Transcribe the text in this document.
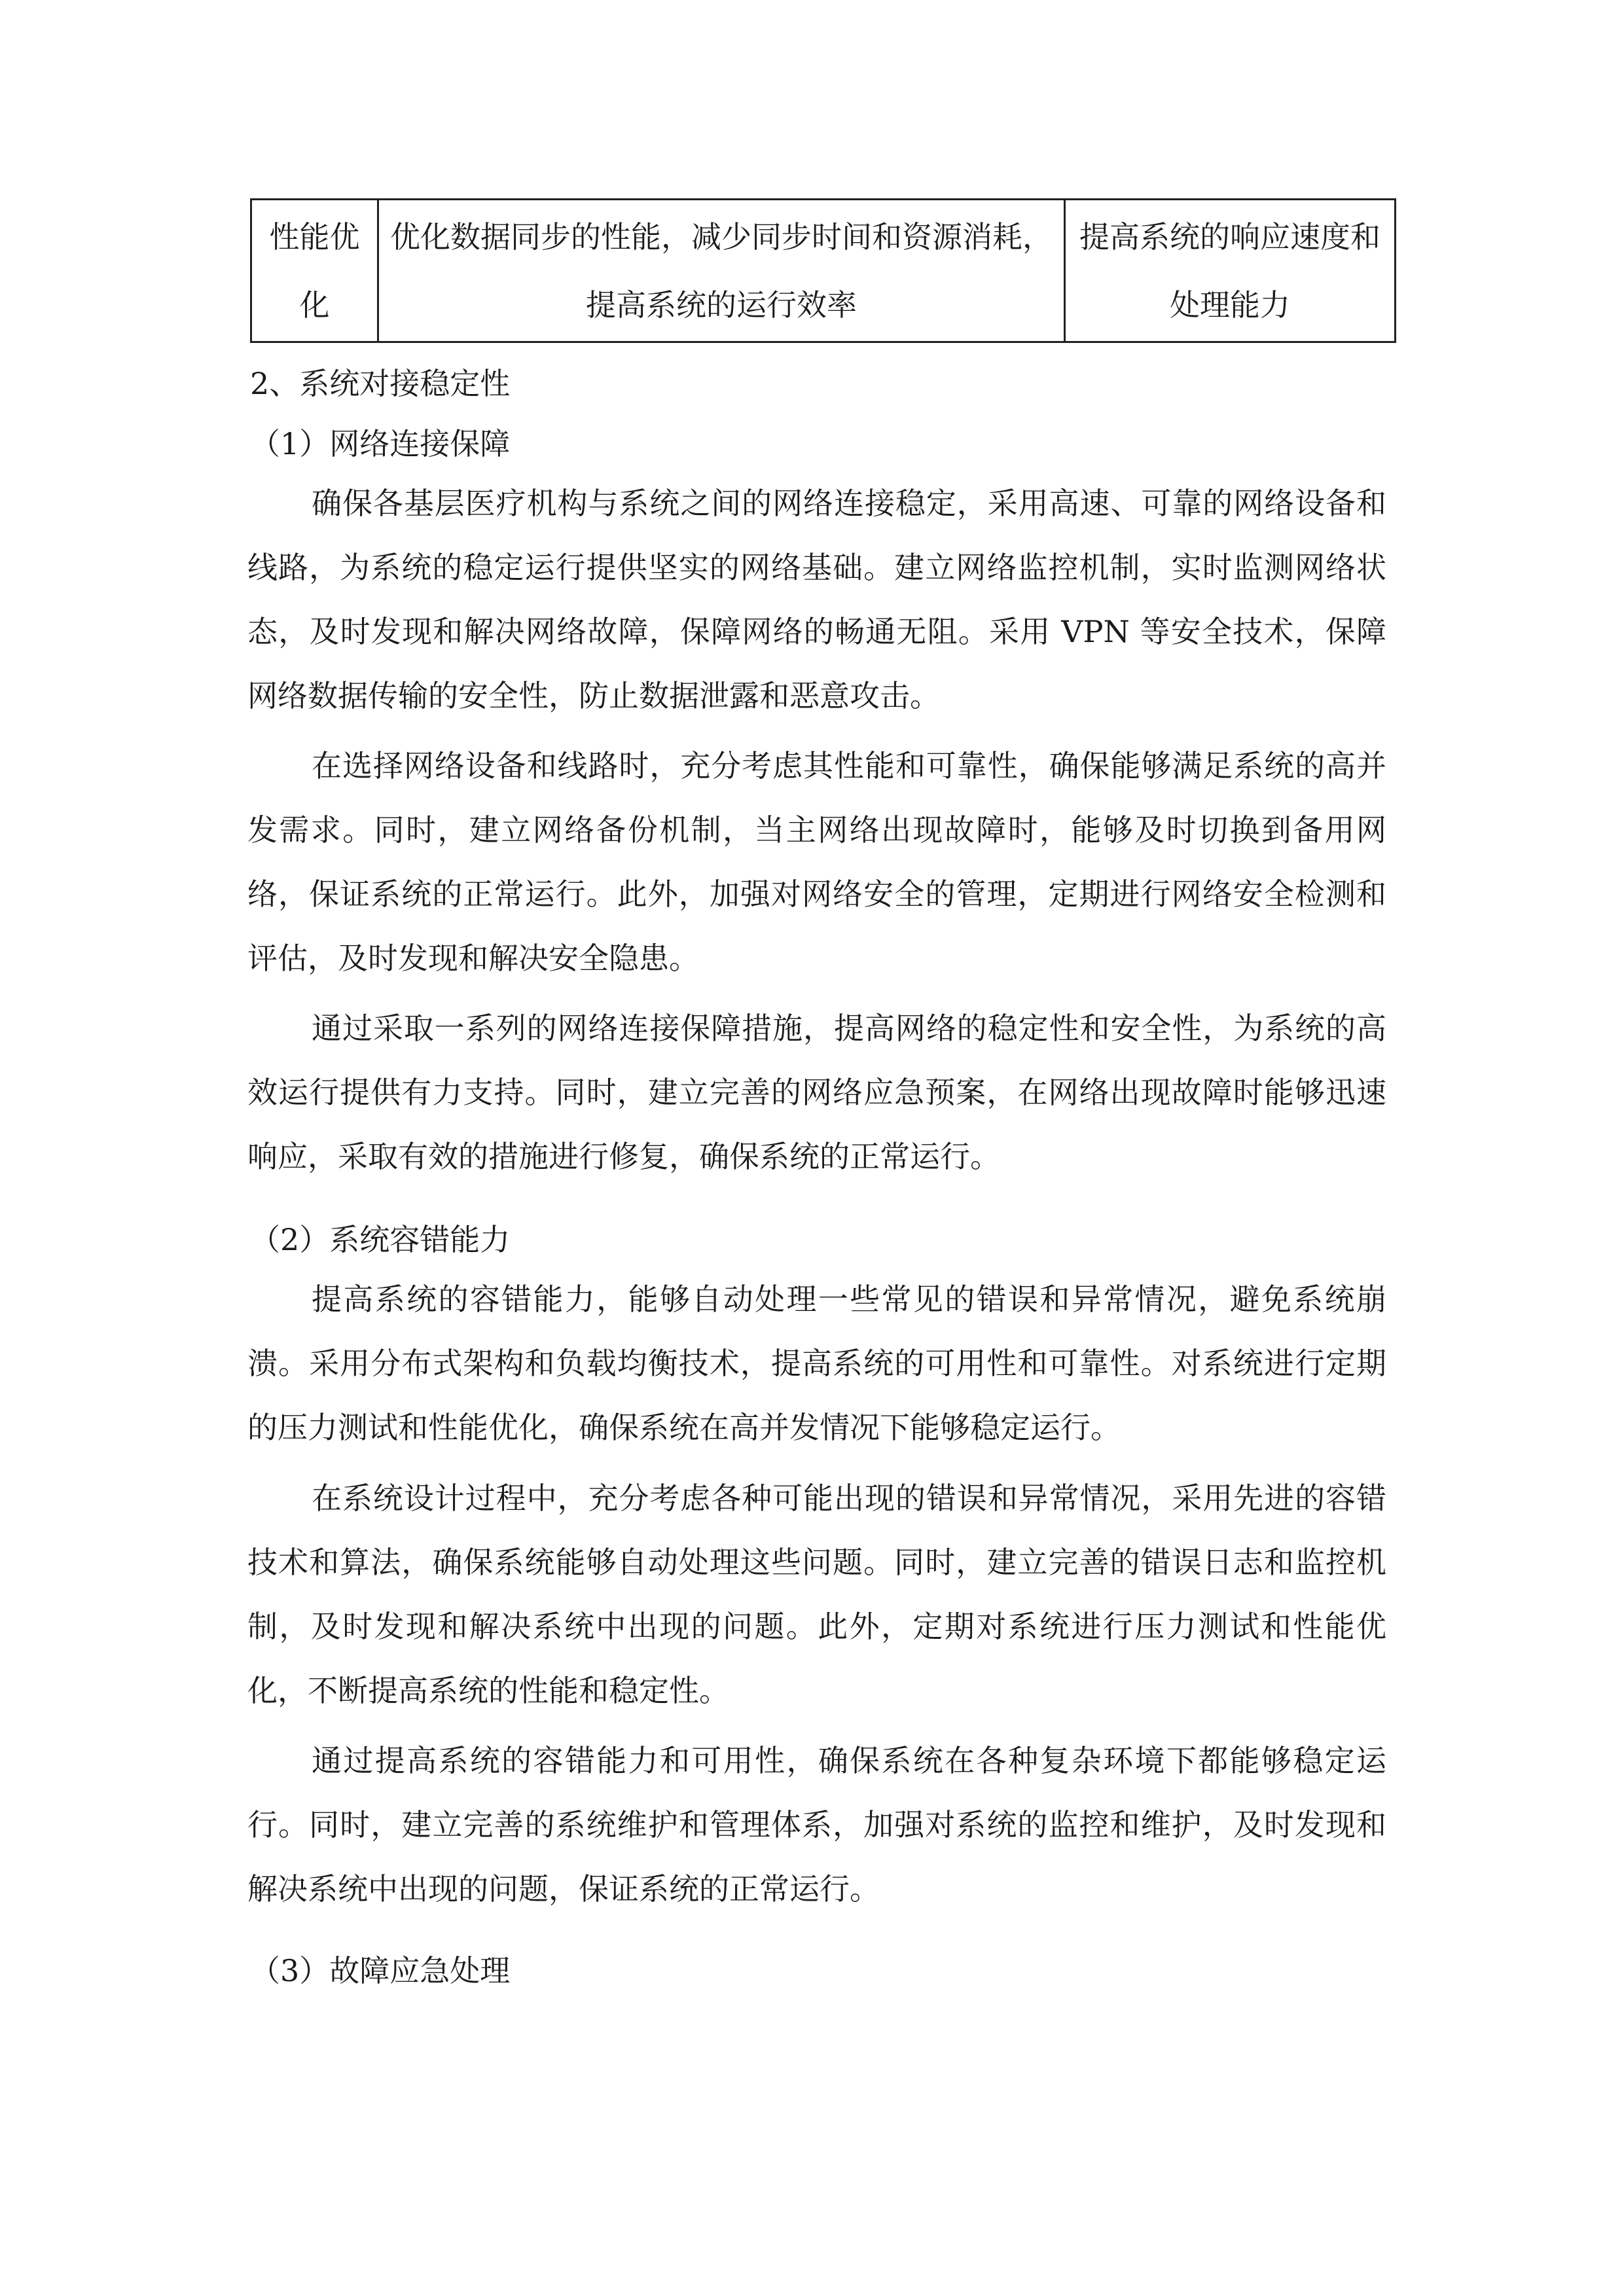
性能优化	优化数据同步的性能，减少同步时间和资源消耗，提高系统的运行效率	提高系统的响应速度和处理能力
2、系统对接稳定性
（1）网络连接保障

确保各基层医疗机构与系统之间的网络连接稳定，采用高速、可靠的网络设备和线路，为系统的稳定运行提供坚实的网络基础。建立网络监控机制，实时监测网络状态，及时发现和解决网络故障，保障网络的畅通无阻。采用 VPN 等安全技术，保障网络数据传输的安全性，防止数据泄露和恶意攻击。

在选择网络设备和线路时，充分考虑其性能和可靠性，确保能够满足系统的高并发需求。同时，建立网络备份机制，当主网络出现故障时，能够及时切换到备用网络，保证系统的正常运行。此外，加强对网络安全的管理，定期进行网络安全检测和评估，及时发现和解决安全隐患。

通过采取一系列的网络连接保障措施，提高网络的稳定性和安全性，为系统的高效运行提供有力支持。同时，建立完善的网络应急预案，在网络出现故障时能够迅速响应，采取有效的措施进行修复，确保系统的正常运行。

（2）系统容错能力

提高系统的容错能力，能够自动处理一些常见的错误和异常情况，避免系统崩溃。采用分布式架构和负载均衡技术，提高系统的可用性和可靠性。对系统进行定期的压力测试和性能优化，确保系统在高并发情况下能够稳定运行。

在系统设计过程中，充分考虑各种可能出现的错误和异常情况，采用先进的容错技术和算法，确保系统能够自动处理这些问题。同时，建立完善的错误日志和监控机制，及时发现和解决系统中出现的问题。此外，定期对系统进行压力测试和性能优化，不断提高系统的性能和稳定性。

通过提高系统的容错能力和可用性，确保系统在各种复杂环境下都能够稳定运行。同时，建立完善的系统维护和管理体系，加强对系统的监控和维护，及时发现和解决系统中出现的问题，保证系统的正常运行。

（3）故障应急处理
